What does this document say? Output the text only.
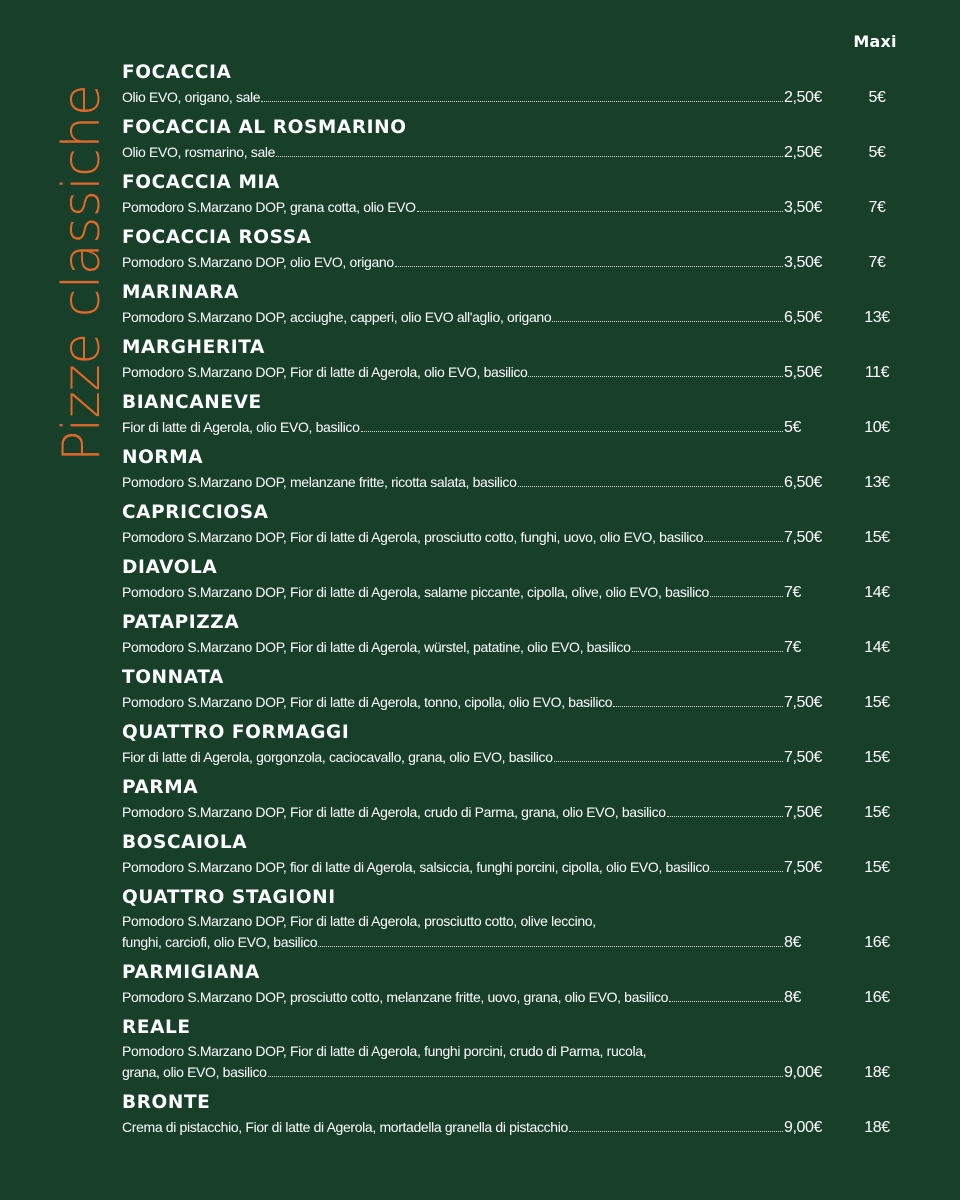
Pizze classiche
Maxi
FOCACCIA
Olio EVO, origano, sale	2,50€	5€
FOCACCIA AL ROSMARINO
Olio EVO, rosmarino, sale	2,50€	5€
FOCACCIA MIA
Pomodoro S.Marzano DOP, grana cotta, olio EVO	3,50€	7€
FOCACCIA ROSSA
Pomodoro S.Marzano DOP, olio EVO, origano	3,50€	7€
MARINARA
Pomodoro S.Marzano DOP, acciughe, capperi, olio EVO all'aglio, origano	6,50€	13€
MARGHERITA
Pomodoro S.Marzano DOP, Fior di latte di Agerola, olio EVO, basilico	5,50€	11€
BIANCANEVE
Fior di latte di Agerola, olio EVO, basilico	5€	10€
NORMA
Pomodoro S.Marzano DOP, melanzane fritte, ricotta salata, basilico	6,50€	13€
CAPRICCIOSA
Pomodoro S.Marzano DOP, Fior di latte di Agerola, prosciutto cotto, funghi, uovo, olio EVO, basilico	7,50€	15€
DIAVOLA
Pomodoro S.Marzano DOP, Fior di latte di Agerola, salame piccante, cipolla, olive, olio EVO, basilico	7€	14€
PATAPIZZA
Pomodoro S.Marzano DOP, Fior di latte di Agerola, würstel, patatine, olio EVO, basilico	7€	14€
TONNATA
Pomodoro S.Marzano DOP, Fior di latte di Agerola, tonno, cipolla, olio EVO, basilico	7,50€	15€
QUATTRO FORMAGGI
Fior di latte di Agerola, gorgonzola, caciocavallo, grana, olio EVO, basilico	7,50€	15€
PARMA
Pomodoro S.Marzano DOP, Fior di latte di Agerola, crudo di Parma, grana, olio EVO, basilico	7,50€	15€
BOSCAIOLA
Pomodoro S.Marzano DOP, fior di latte di Agerola, salsiccia, funghi porcini, cipolla, olio EVO, basilico	7,50€	15€
QUATTRO STAGIONI
Pomodoro S.Marzano DOP, Fior di latte di Agerola, prosciutto cotto, olive leccino,
funghi, carciofi, olio EVO, basilico	8€	16€
PARMIGIANA
Pomodoro S.Marzano DOP, prosciutto cotto, melanzane fritte, uovo, grana, olio EVO, basilico	8€	16€
REALE
Pomodoro S.Marzano DOP, Fior di latte di Agerola, funghi porcini, crudo di Parma, rucola,
grana, olio EVO, basilico	9,00€	18€
BRONTE
Crema di pistacchio, Fior di latte di Agerola, mortadella granella di pistacchio	9,00€	18€
